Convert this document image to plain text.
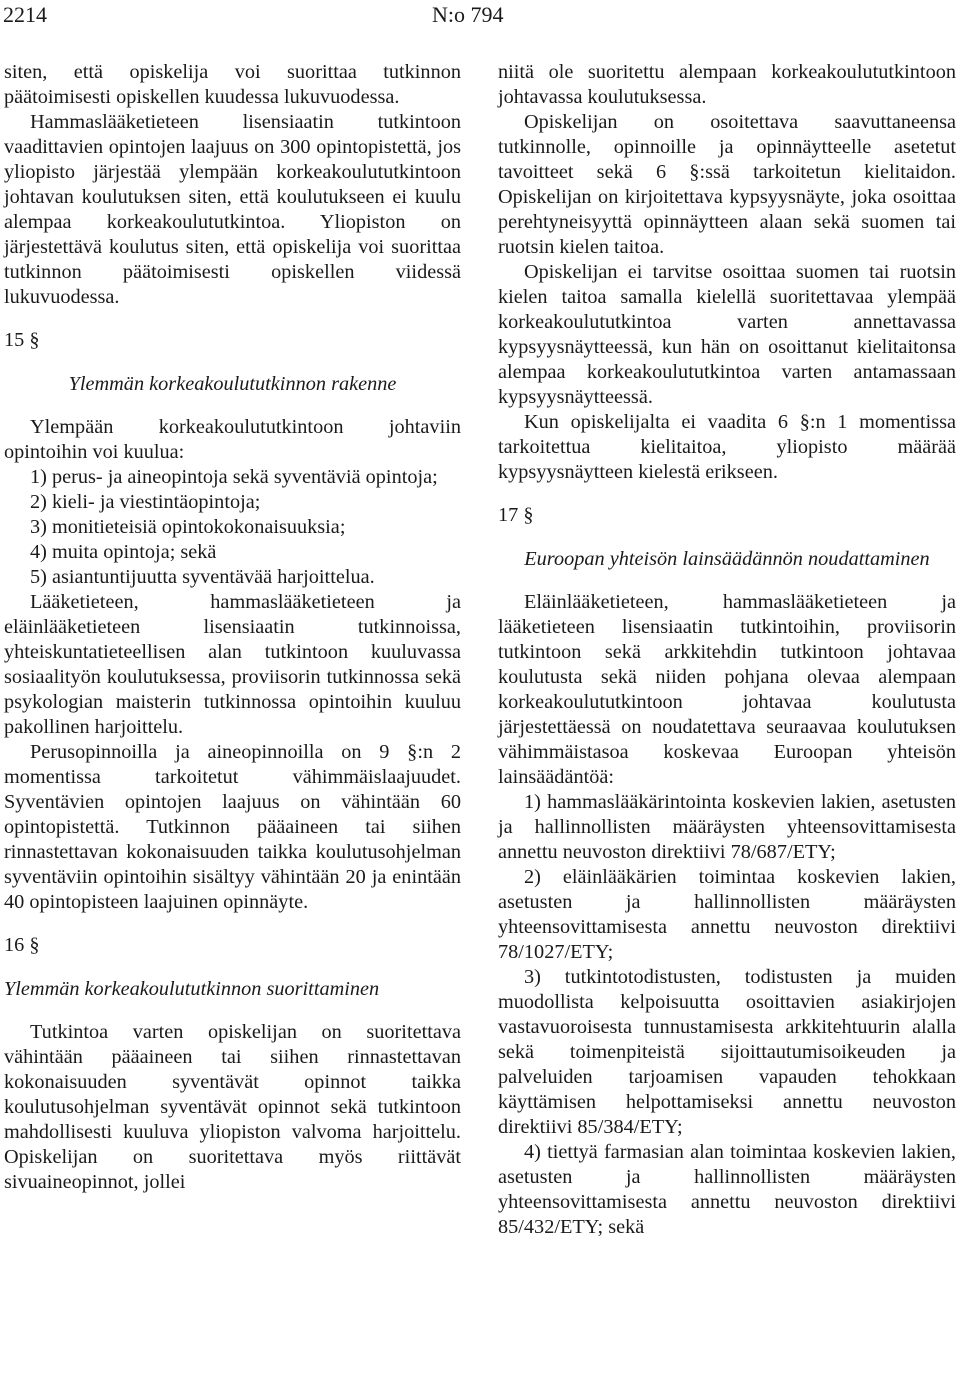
2214	N:o 794

siten, että opiskelija voi suorittaa tutkinnon päätoimisesti opiskellen kuudessa lukuvuodessa.

Hammaslääketieteen lisensiaatin tutkintoon vaadittavien opintojen laajuus on 300 opintopistettä, jos yliopisto järjestää ylempään korkeakoulututkintoon johtavan koulutuksen siten, että koulutukseen ei kuulu alempaa korkeakoulututkintoa. Yliopiston on järjestettävä koulutus siten, että opiskelija voi suorittaa tutkinnon päätoimisesti opiskellen viidessä lukuvuodessa.

15 §

Ylemmän korkeakoulututkinnon rakenne

Ylempään korkeakoulututkintoon johtaviin opintoihin voi kuulua:

1) perus- ja aineopintoja sekä syventäviä opintoja;

2) kieli- ja viestintäopintoja;

3) monitieteisiä opintokokonaisuuksia;

4) muita opintoja; sekä

5) asiantuntijuutta syventävää harjoittelua.

Lääketieteen, hammaslääketieteen ja eläinlääketieteen lisensiaatin tutkinnoissa, yhteiskuntatieteellisen alan tutkintoon kuuluvassa sosiaalityön koulutuksessa, proviisorin tutkinnossa sekä psykologian maisterin tutkinnossa opintoihin kuuluu pakollinen harjoittelu.

Perusopinnoilla ja aineopinnoilla on 9 §:n 2 momentissa tarkoitetut vähimmäislaajuudet. Syventävien opintojen laajuus on vähintään 60 opintopistettä. Tutkinnon pääaineen tai siihen rinnastettavan kokonaisuuden taikka koulutusohjelman syventäviin opintoihin sisältyy vähintään 20 ja enintään 40 opintopisteen laajuinen opinnäyte.

16 §

Ylemmän korkeakoulututkinnon suorittaminen

Tutkintoa varten opiskelijan on suoritettava vähintään pääaineen tai siihen rinnastettavan kokonaisuuden syventävät opinnot taikka koulutusohjelman syventävät opinnot sekä tutkintoon mahdollisesti kuuluva yliopiston valvoma harjoittelu. Opiskelijan on suoritettava myös riittävät sivuaineopinnot, jollei

niitä ole suoritettu alempaan korkeakoulututkintoon johtavassa koulutuksessa.

Opiskelijan on osoitettava saavuttaneensa tutkinnolle, opinnoille ja opinnäytteelle asetetut tavoitteet sekä 6 §:ssä tarkoitetun kielitaidon. Opiskelijan on kirjoitettava kypsyysnäyte, joka osoittaa perehtyneisyyttä opinnäytteen alaan sekä suomen tai ruotsin kielen taitoa.

Opiskelijan ei tarvitse osoittaa suomen tai ruotsin kielen taitoa samalla kielellä suoritettavaa ylempää korkeakoulututkintoa varten annettavassa kypsyysnäytteessä, kun hän on osoittanut kielitaitonsa alempaa korkeakoulututkintoa varten antamassaan kypsyysnäytteessä.

Kun opiskelijalta ei vaadita 6 §:n 1 momentissa tarkoitettua kielitaitoa, yliopisto määrää kypsyysnäytteen kielestä erikseen.

17 §

Euroopan yhteisön lainsäädännön noudattaminen

Eläinlääketieteen, hammaslääketieteen ja lääketieteen lisensiaatin tutkintoihin, proviisorin tutkintoon sekä arkkitehdin tutkintoon johtavaa koulutusta sekä niiden pohjana olevaa alempaan korkeakoulututkintoon johtavaa koulutusta järjestettäessä on noudatettava seuraavaa koulutuksen vähimmäistasoa koskevaa Euroopan yhteisön lainsäädäntöä:

1) hammaslääkärintointa koskevien lakien, asetusten ja hallinnollisten määräysten yhteensovittamisesta annettu neuvoston direktiivi 78/687/ETY;

2) eläinlääkärien toimintaa koskevien lakien, asetusten ja hallinnollisten määräysten yhteensovittamisesta annettu neuvoston direktiivi 78/1027/ETY;

3) tutkintotodistusten, todistusten ja muiden muodollista kelpoisuutta osoittavien asiakirjojen vastavuoroisesta tunnustamisesta arkkitehtuurin alalla sekä toimenpiteistä sijoittautumisoikeuden ja palveluiden tarjoamisen vapauden tehokkaan käyttämisen helpottamiseksi annettu neuvoston direktiivi 85/384/ETY;

4) tiettyä farmasian alan toimintaa koskevien lakien, asetusten ja hallinnollisten määräysten yhteensovittamisesta annettu neuvoston direktiivi 85/432/ETY; sekä
